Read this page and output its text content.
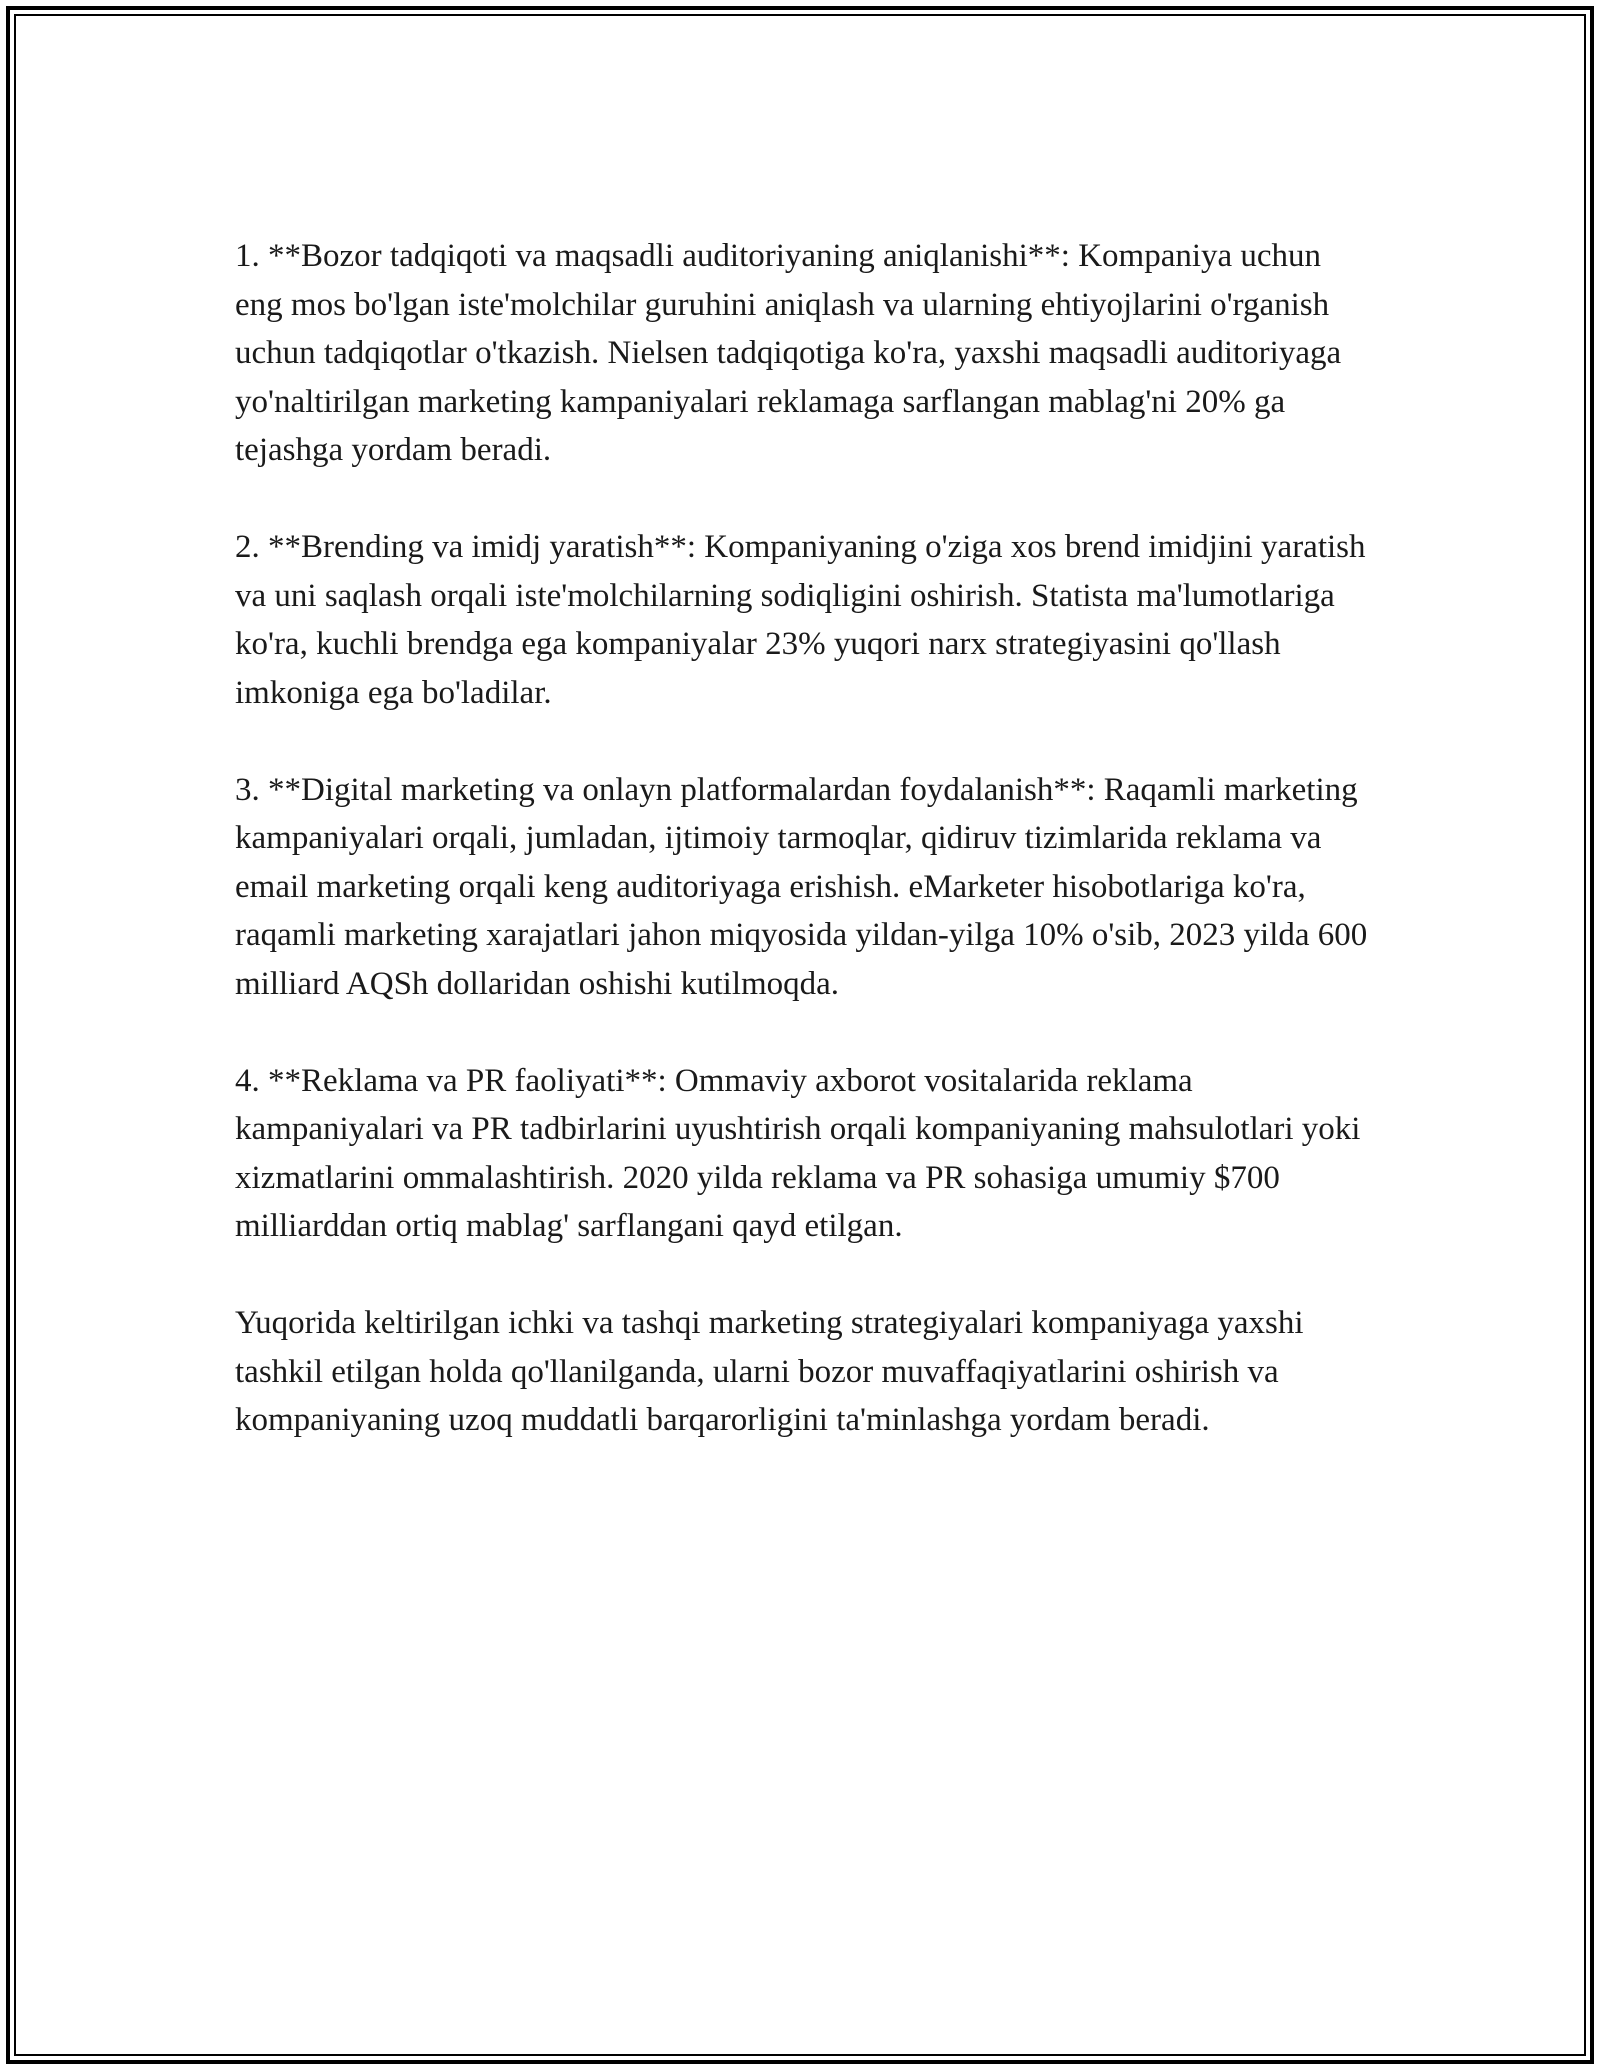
1. **Bozor tadqiqoti va maqsadli auditoriyaning aniqlanishi**: Kompaniya uchun eng mos bo'lgan iste'molchilar guruhini aniqlash va ularning ehtiyojlarini o'rganish uchun tadqiqotlar o'tkazish. Nielsen tadqiqotiga ko'ra, yaxshi maqsadli auditoriyaga yo'naltirilgan marketing kampaniyalari reklamaga sarflangan mablag'ni 20% ga tejashga yordam beradi.

2. **Brending va imidj yaratish**: Kompaniyaning o'ziga xos brend imidjini yaratish va uni saqlash orqali iste'molchilarning sodiqligini oshirish. Statista ma'lumotlariga ko'ra, kuchli brendga ega kompaniyalar 23% yuqori narx strategiyasini qo'llash imkoniga ega bo'ladilar.

3. **Digital marketing va onlayn platformalardan foydalanish**: Raqamli marketing kampaniyalari orqali, jumladan, ijtimoiy tarmoqlar, qidiruv tizimlarida reklama va email marketing orqali keng auditoriyaga erishish. eMarketer hisobotlariga ko'ra, raqamli marketing xarajatlari jahon miqyosida yildan-yilga 10% o'sib, 2023 yilda 600 milliard AQSh dollaridan oshishi kutilmoqda.

4. **Reklama va PR faoliyati**: Ommaviy axborot vositalarida reklama kampaniyalari va PR tadbirlarini uyushtirish orqali kompaniyaning mahsulotlari yoki xizmatlarini ommalashtirish. 2020 yilda reklama va PR sohasiga umumiy $700 milliarddan ortiq mablag' sarflangani qayd etilgan.

Yuqorida keltirilgan ichki va tashqi marketing strategiyalari kompaniyaga yaxshi tashkil etilgan holda qo'llanilganda, ularni bozor muvaffaqiyatlarini oshirish va kompaniyaning uzoq muddatli barqarorligini ta'minlashga yordam beradi.
